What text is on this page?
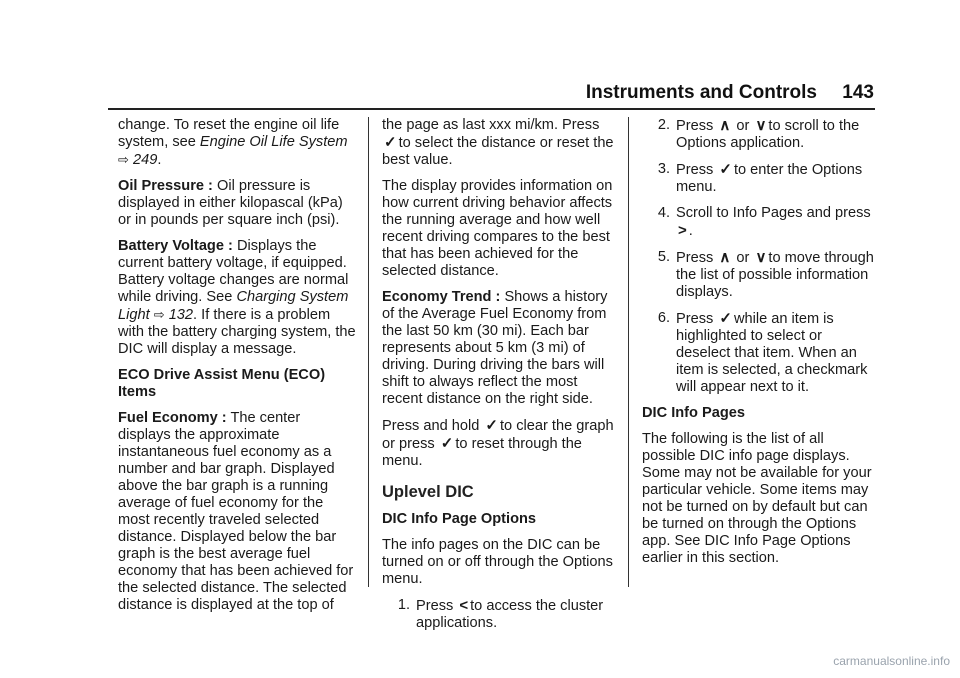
Instruments and Controls 143

change. To reset the engine oil life system, see Engine Oil Life System ⇨ 249.

Oil Pressure : Oil pressure is displayed in either kilopascal (kPa) or in pounds per square inch (psi).

Battery Voltage : Displays the current battery voltage, if equipped. Battery voltage changes are normal while driving. See Charging System Light ⇨ 132. If there is a problem with the battery charging system, the DIC will display a message.

ECO Drive Assist Menu (ECO) Items

Fuel Economy : The center displays the approximate instantaneous fuel economy as a number and bar graph. Displayed above the bar graph is a running average of fuel economy for the most recently traveled selected distance. Displayed below the bar graph is the best average fuel economy that has been achieved for the selected distance. The selected distance is displayed at the top of

the page as last xxx mi/km. Press
✓ to select the distance or reset the best value.

The display provides information on how current driving behavior affects the running average and how well recent driving compares to the best that has been achieved for the selected distance.

Economy Trend : Shows a history of the Average Fuel Economy from the last 50 km (30 mi). Each bar represents about 5 km (3 mi) of driving. During driving the bars will shift to always reflect the most recent distance on the right side.

Press and hold ✓ to clear the graph or press ✓ to reset through the menu.

Uplevel DIC

DIC Info Page Options

The info pages on the DIC can be turned on or off through the Options menu.

1. Press < to access the cluster applications.
2. Press ∧ or ∨ to scroll to the Options application.
3. Press ✓ to enter the Options menu.
4. Scroll to Info Pages and press > .
5. Press ∧ or ∨ to move through the list of possible information displays.
6. Press ✓ while an item is highlighted to select or deselect that item. When an item is selected, a checkmark will appear next to it.

DIC Info Pages

The following is the list of all possible DIC info page displays. Some may not be available for your particular vehicle. Some items may not be turned on by default but can be turned on through the Options app. See DIC Info Page Options earlier in this section.

carmanualsonline.info
